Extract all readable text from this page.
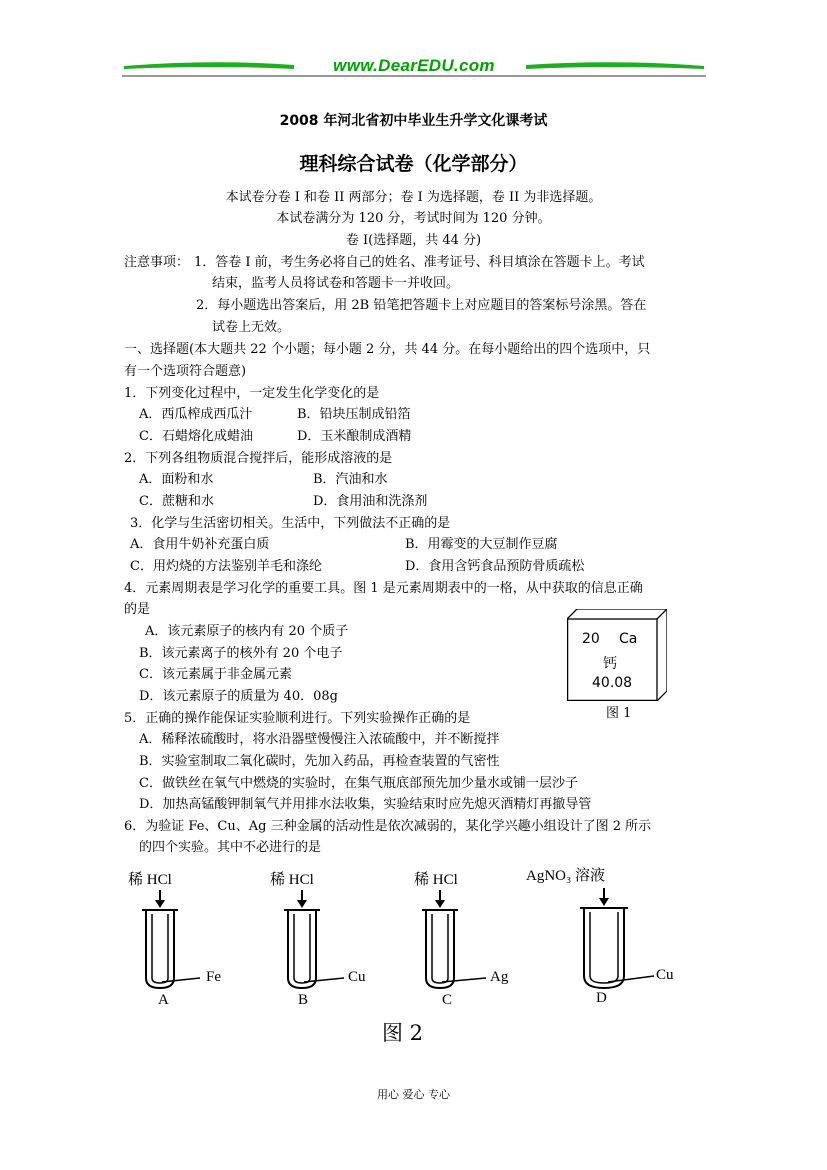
www.DearEDU.com
2008 年河北省初中毕业生升学文化课考试
理科综合试卷（化学部分）
本试卷分卷 I 和卷 II 两部分；卷 I 为选择题，卷 II 为非选择题。
本试卷满分为 120 分，考试时间为 120 分钟。
卷 I(选择题，共 44 分)
注意事项： 1．答卷 I 前，考生务必将自己的姓名、准考证号、科目填涂在答题卡上。考试
结束，监考人员将试卷和答题卡一并收回。
2．每小题选出答案后，用 2B 铅笔把答题卡上对应题目的答案标号涂黑。答在
试卷上无效。
一、选择题(本大题共 22 个小题；每小题 2 分，共 44 分。在每小题给出的四个选项中，只
有一个选项符合题意)
1．下列变化过程中，一定发生化学变化的是
A．西瓜榨成西瓜汁	B．铅块压制成铅箔
C．石蜡熔化成蜡油	D．玉米酿制成酒精
2．下列各组物质混合搅拌后，能形成溶液的是
A．面粉和水	B．汽油和水
C．蔗糖和水	D．食用油和洗涤剂
3．化学与生活密切相关。生活中，下列做法不正确的是
A．食用牛奶补充蛋白质	B．用霉变的大豆制作豆腐
C．用灼烧的方法鉴别羊毛和涤纶	D．食用含钙食品预防骨质疏松
4．元素周期表是学习化学的重要工具。图 1 是元素周期表中的一格，从中获取的信息正确
的是
A．该元素原子的核内有 20 个质子
B．该元素离子的核外有 20 个电子
C．该元素属于非金属元素
D．该元素原子的质量为 40．08g
20 Ca
钙
40.08
图 1
5．正确的操作能保证实验顺利进行。下列实验操作正确的是
A．稀释浓硫酸时，将水沿器壁慢慢注入浓硫酸中，并不断搅拌
B．实验室制取二氧化碳时，先加入药品，再检查装置的气密性
C．做铁丝在氧气中燃烧的实验时，在集气瓶底部预先加少量水或铺一层沙子
D．加热高锰酸钾制氧气并用排水法收集，实验结束时应先熄灭酒精灯再撤导管
6．为验证 Fe、Cu、Ag 三种金属的活动性是依次减弱的，某化学兴趣小组设计了图 2 所示
的四个实验。其中不必进行的是
稀 HCl
Fe
A
稀 HCl
Cu
B
稀 HCl
Ag
C
AgNO₃ 溶液
Cu
D
图 2
用心 爱心 专心
